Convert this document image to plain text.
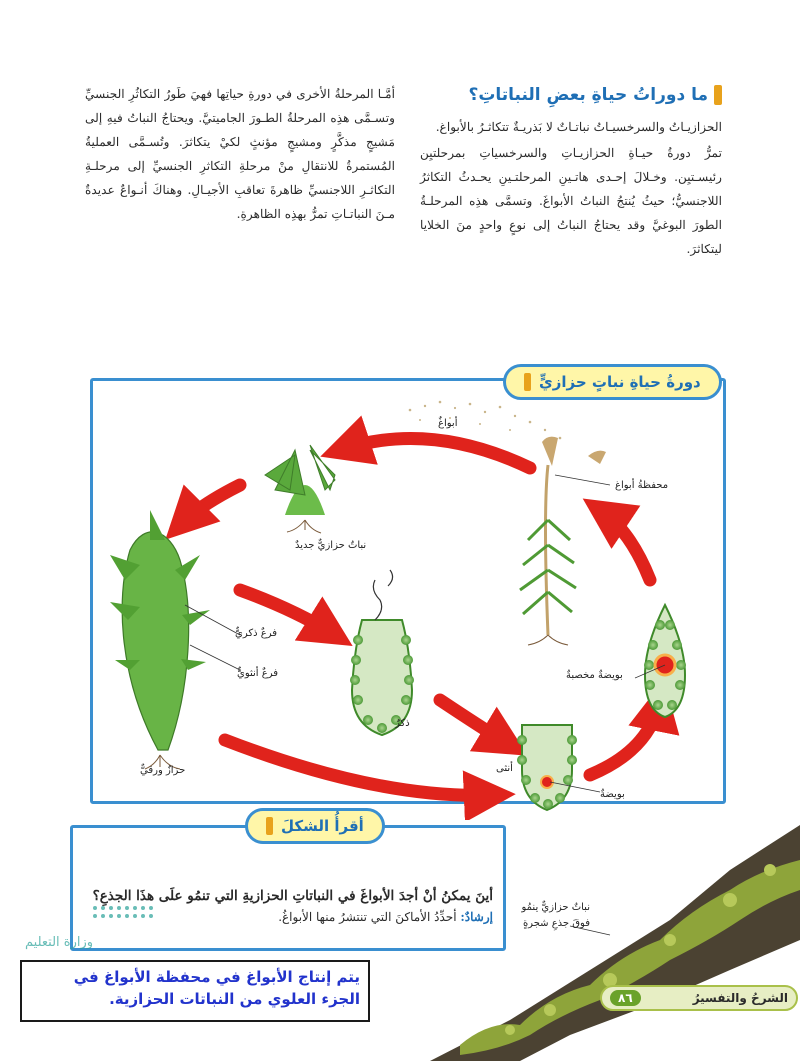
ما دوراتُ حياةِ بعضِ النباتاتِ؟

الحزازيـاتُ والسرخسيـاتُ نباتـاتٌ لا بَذريـةٌ تتكاثـرُ بالأبواغ.

تمرُّ دورةُ حيـاةِ الحزازيـاتِ والسرخسياتِ بمرحلتيِن رئيسـتيِن. وخـلالَ إحـدى هاتـينِ المرحلتـينِ يحـدثُ التكاثرُ اللاجنسيُّ؛ حيثُ يُنتجُ النباتُ الأبواغَ. وتسمَّى هذِه المرحلـةُ الطورَ البوغيَّ وقد يحتاجُ النباتُ إلى نوعٍ واحدٍ منَ الخلايا ليتكاثرَ.

أمَّـا المرحلةُ الأخرى في دورةِ حياتِها فهيَ طَورُ التكاثُرِ الجنسيِّ وتسـمَّى هذِه المرحلةُ الطـورَ الجاميتيَّ. ويحتاجُ النباتُ فيهِ إلى مَشيجٍ مذكَّرٍ ومشيجٍ مؤنثٍ لكيْ يتكاثرَ. وتُسـمَّى العمليةُ المُستمرةُ للانتقالِ منْ مرحلةِ التكاثرِ الجنسيِّ إلى مرحلـةِ التكاثـرِ اللاجنسيِّ ظاهرةَ تعاقبِ الأجيـالِ. وهناكَ أنـواعٌ عديدةٌ مـنَ النباتـاتِ تمرُّ بهذِه الظاهرةِ.

دورةُ حياةِ نباتٍ حزازيٍّ
أبواغٌ
محفظةُ أبواغ
نباتٌ حزازيٌّ جديدٌ
فرعٌ ذكريٌّ
فرعٌ أنثويٌّ
حزازٌ ورقيٌّ
ذكرٌ
أنثى
بويضةٌ
بويضةٌ مخصبةٌ
نباتٌ حزازيٌّ ينمُو فوقَ جذعِ شجرةٍ

أينَ يمكنُ أنْ أجدَ الأبواغَ في النباتاتِ الحزازيةِ التي تنمُو علَى هذَا الجذعِ؟

إرشادٌ: أحدِّدُ الأماكنَ التي تنتشرُ منها الأبواغُ.
أقرأُ الشكلَ
وزارة التعليم
يتم إنتاج الأبواغ في محفظة الأبواغ في الجزء العلوي من النباتات الحزازية.	الشرحُ والتفسيرُ
٨٦
